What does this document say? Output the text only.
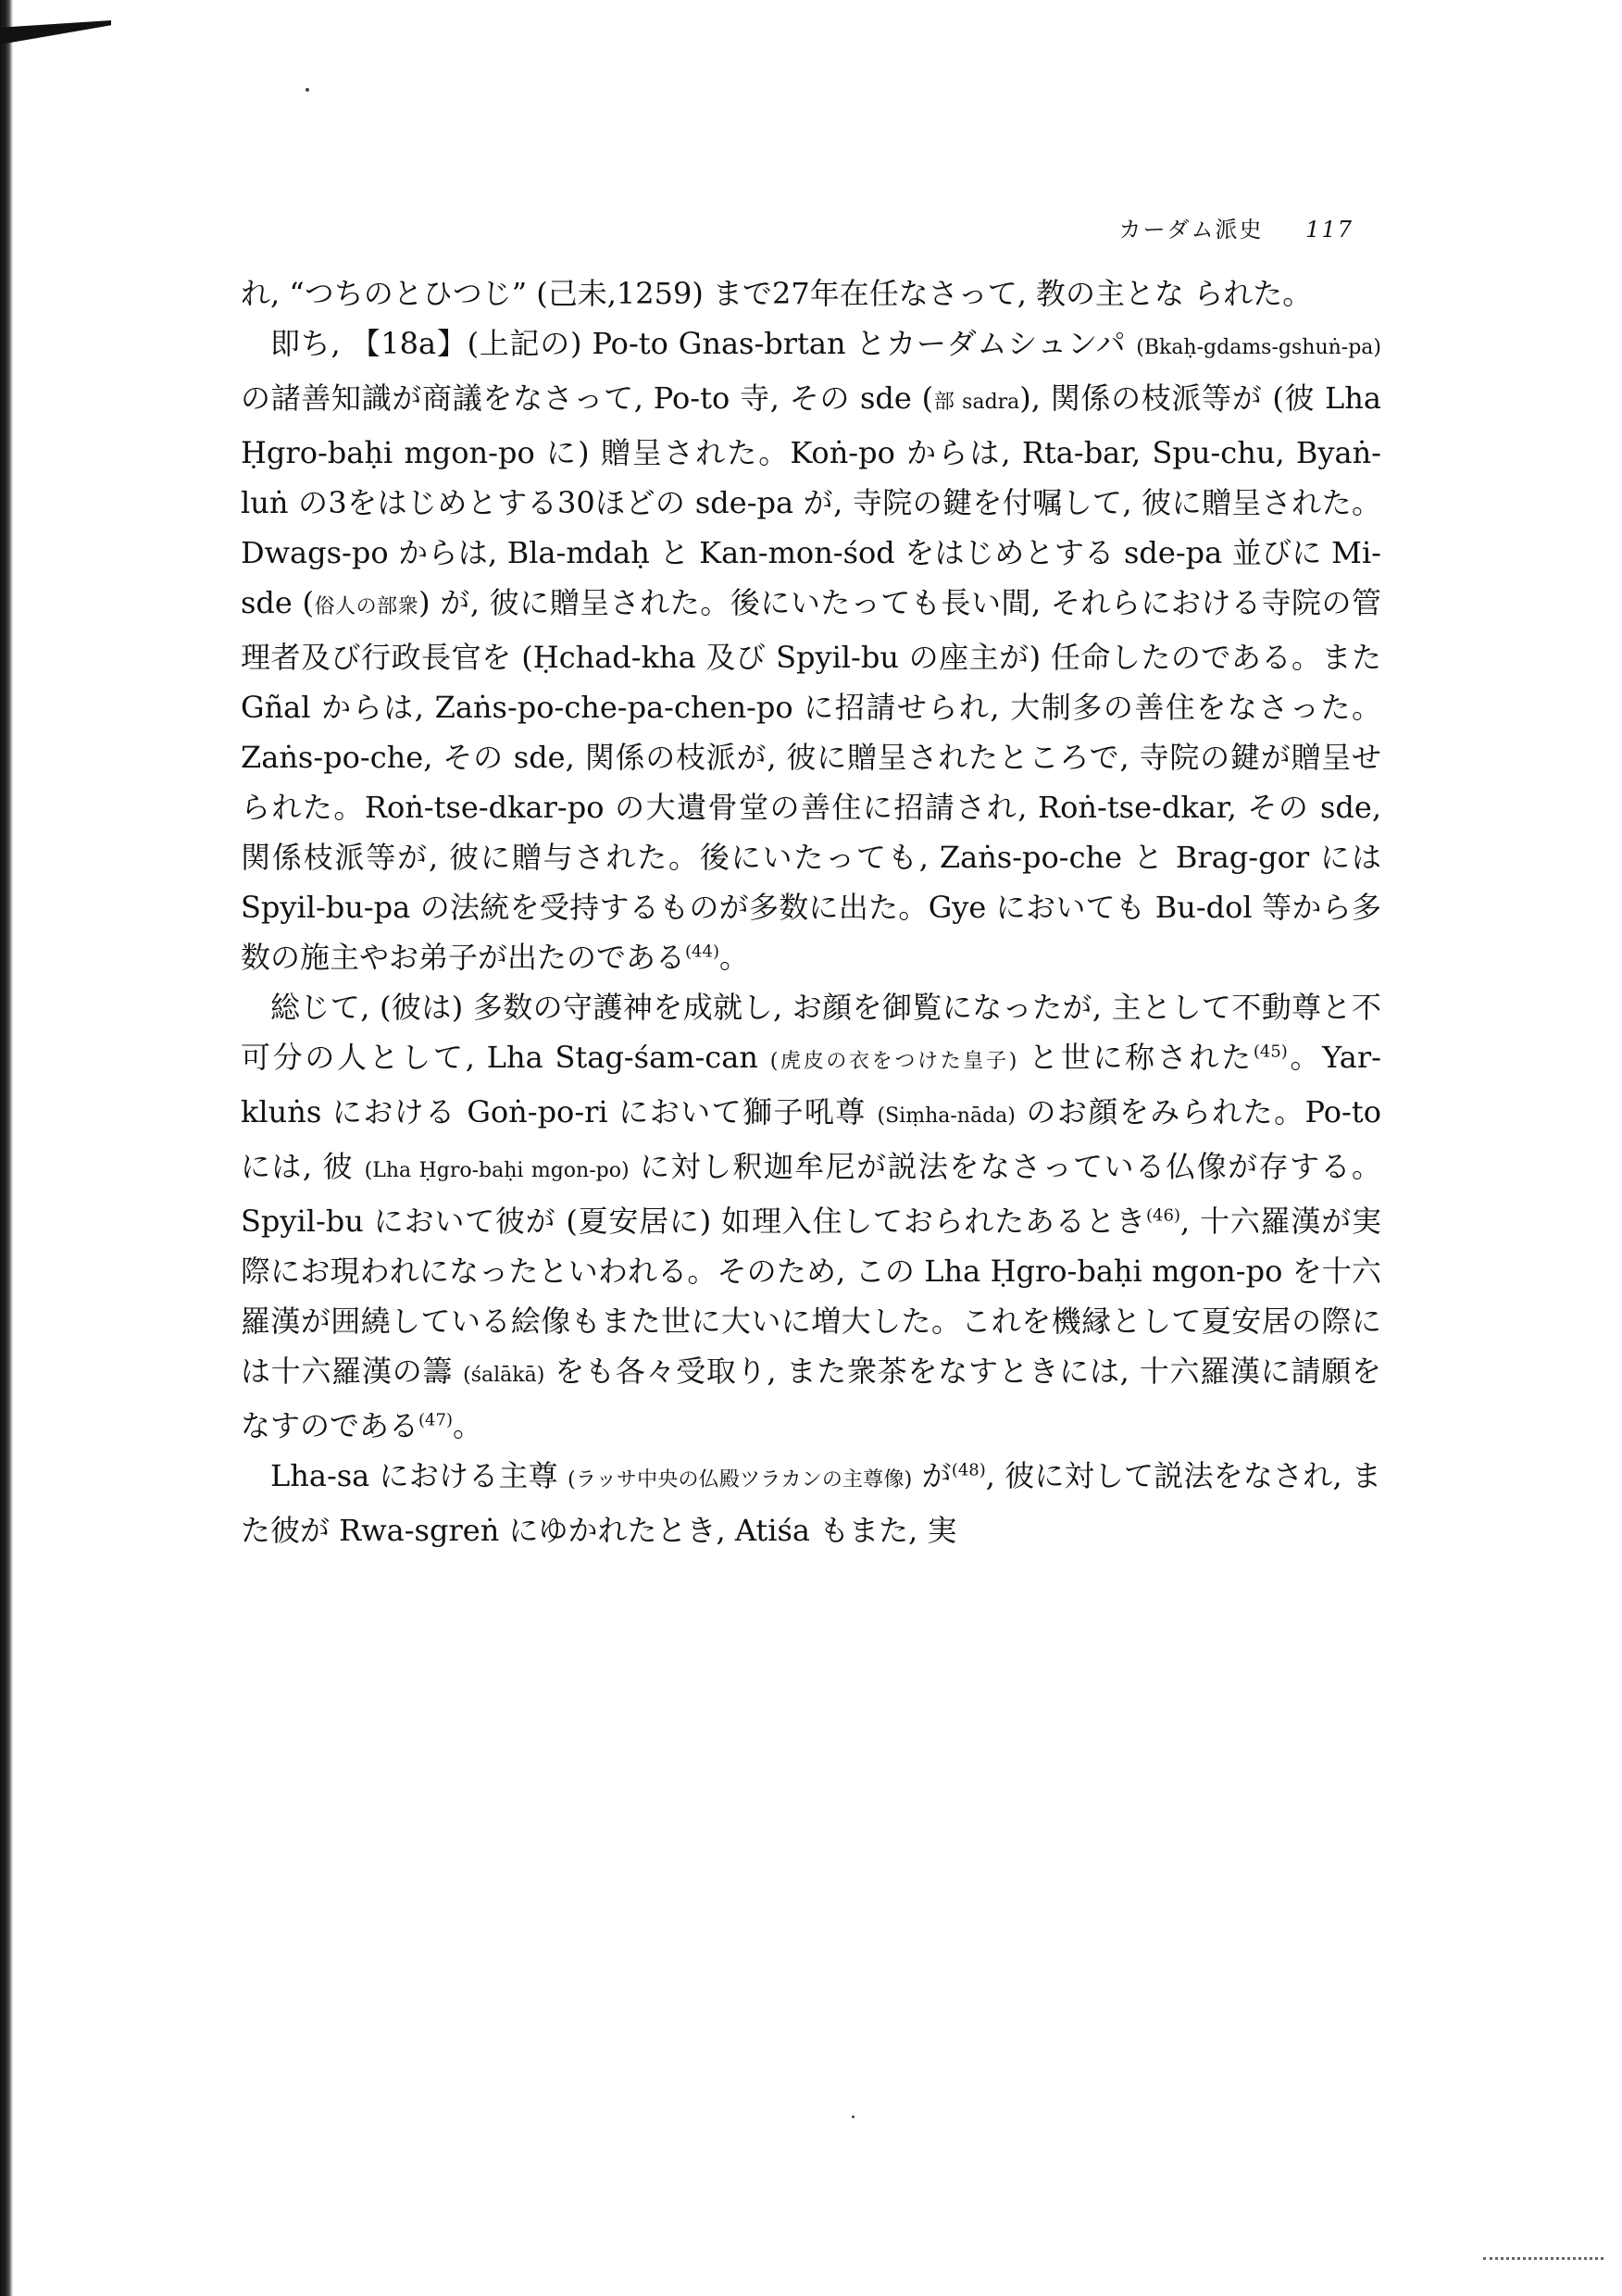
カーダム派史 117

れ, “つちのとひつじ” (己未,1259) まで27年在任なさって, 教の主とな られた。

即ち, 【18a】(上記の) Po-to Gnas-brtan とカーダムシュンパ (Bkaḥ-gdams-gshuṅ-pa) の諸善知識が商議をなさって, Po-to 寺, その sde (部 sadra), 関係の枝派等が (彼 Lha Ḥgro-baḥi mgon-po に) 贈呈された。Koṅ-po からは, Rta-bar, Spu-chu, Byaṅ-luṅ の3をはじめとする30ほどの sde-pa が, 寺院の鍵を付嘱して, 彼に贈呈された。Dwags-po からは, Bla-mdaḥ と Kan-mon-śod をはじめとする sde-pa 並びに Mi-sde (俗人の部衆) が, 彼に贈呈された。後にいたっても長い間, それらにおける寺院の管理者及び行政長官を (Ḥchad-kha 及び Spyil-bu の座主が) 任命したのである。また Gñal からは, Zaṅs-po-che-pa-chen-po に招請せられ, 大制多の善住をなさった。Zaṅs-po-che, その sde, 関係の枝派が, 彼に贈呈されたところで, 寺院の鍵が贈呈せられた。Roṅ-tse-dkar-po の大遺骨堂の善住に招請され, Roṅ-tse-dkar, その sde, 関係枝派等が, 彼に贈与された。後にいたっても, Zaṅs-po-che と Brag-gor には Spyil-bu-pa の法統を受持するものが多数に出た。Gye においても Bu-dol 等から多数の施主やお弟子が出たのである$^{(44)}$。

総じて, (彼は) 多数の守護神を成就し, お顔を御覧になったが, 主として不動尊と不可分の人として, Lha Stag-śam-can (虎皮の衣をつけた皇子) と世に称された$^{(45)}$。Yar-kluṅs における Goṅ-po-ri において獅子吼尊 (Siṃha-nāda) のお顔をみられた。Po-to には, 彼 (Lha Ḥgro-baḥi mgon-po) に対し釈迦牟尼が説法をなさっている仏像が存する。Spyil-bu において彼が (夏安居に) 如理入住しておられたあるとき$^{(46)}$, 十六羅漢が実際にお現われになったといわれる。そのため, この Lha Ḥgro-baḥi mgon-po を十六羅漢が囲繞している絵像もまた世に大いに増大した。これを機縁として夏安居の際には十六羅漢の籌 (śalākā) をも各々受取り, また衆茶をなすときには, 十六羅漢に請願をなすのである$^{(47)}$。

Lha-sa における主尊 (ラッサ中央の仏殿ツラカンの主尊像) が$^{(48)}$, 彼に対して説法をなされ, また彼が Rwa-sgreṅ にゆかれたとき, Atiśa もまた, 実
